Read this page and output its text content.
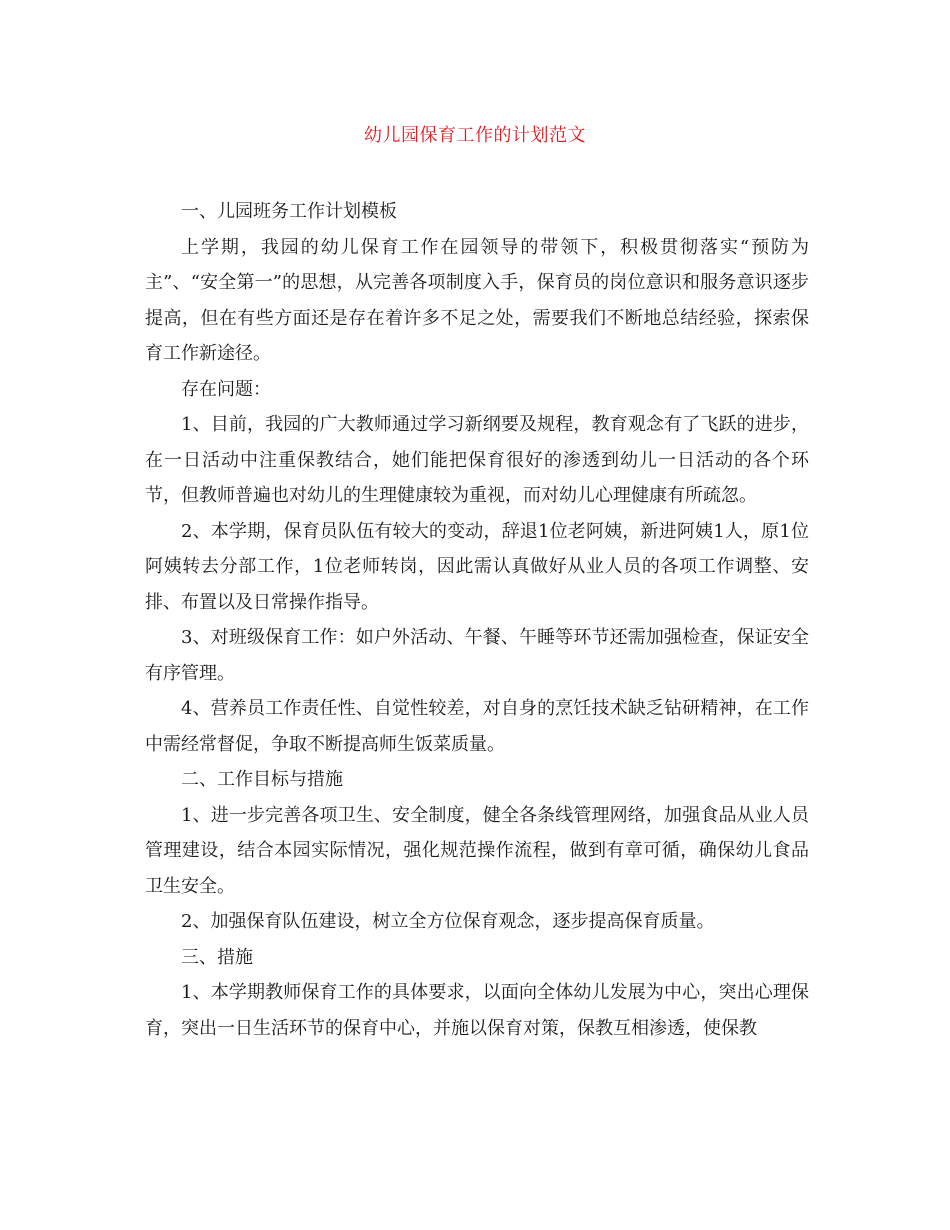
幼儿园保育工作的计划范文

一、儿园班务工作计划模板

上学期，我园的幼儿保育工作在园领导的带领下，积极贯彻落实“预防为主”、“安全第一”的思想，从完善各项制度入手，保育员的岗位意识和服务意识逐步提高，但在有些方面还是存在着许多不足之处，需要我们不断地总结经验，探索保育工作新途径。

存在问题：

1、目前，我园的广大教师通过学习新纲要及规程，教育观念有了飞跃的进步，在一日活动中注重保教结合，她们能把保育很好的渗透到幼儿一日活动的各个环节，但教师普遍也对幼儿的生理健康较为重视，而对幼儿心理健康有所疏忽。

2、本学期，保育员队伍有较大的变动，辞退1位老阿姨，新进阿姨1人，原1位阿姨转去分部工作，1位老师转岗，因此需认真做好从业人员的各项工作调整、安排、布置以及日常操作指导。

3、对班级保育工作：如户外活动、午餐、午睡等环节还需加强检查，保证安全有序管理。

4、营养员工作责任性、自觉性较差，对自身的烹饪技术缺乏钻研精神，在工作中需经常督促，争取不断提高师生饭菜质量。

二、工作目标与措施

1、进一步完善各项卫生、安全制度，健全各条线管理网络，加强食品从业人员管理建设，结合本园实际情况，强化规范操作流程，做到有章可循，确保幼儿食品卫生安全。

2、加强保育队伍建设，树立全方位保育观念，逐步提高保育质量。

三、措施

1、本学期教师保育工作的具体要求，以面向全体幼儿发展为中心，突出心理保育，突出一日生活环节的保育中心，并施以保育对策，保教互相渗透，使保教
